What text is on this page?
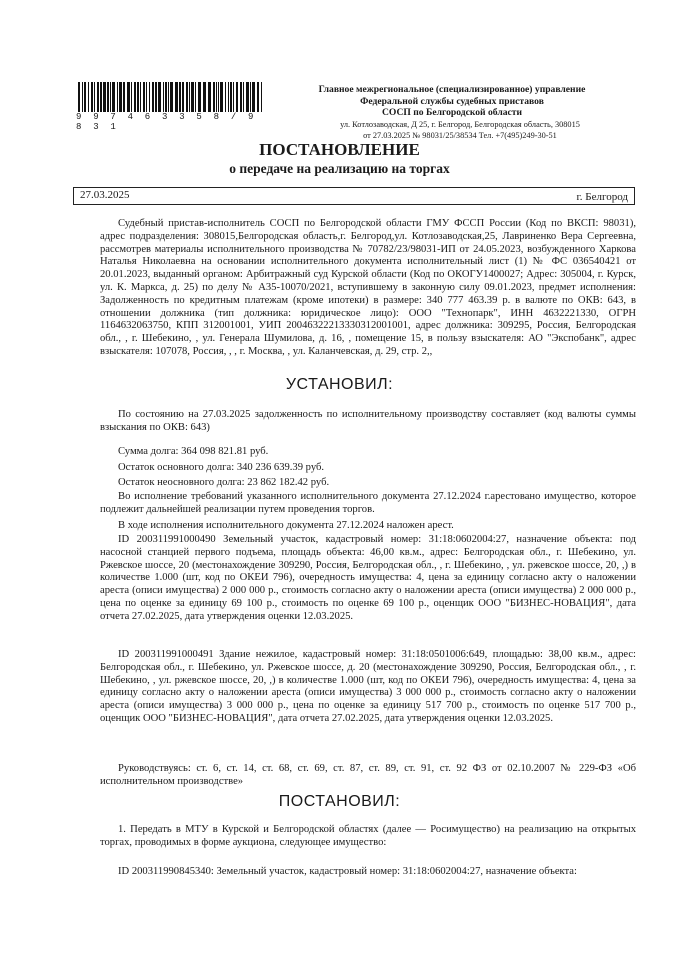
9 9 7 4 6 3 3 5 8 / 9 8 3 1
Главное межрегиональное (специализированное) управление
Федеральной службы судебных приставов
СОСП по Белгородской области
ул. Котлозаводская, Д 25, г. Белгород, Белгородская область, 308015
от 27.03.2025 № 98031/25/38534 Тел. +7(495)249-30-51
ПОСТАНОВЛЕНИЕ
о передаче на реализацию на торгах
27.03.2025	г. Белгород
Судебный пристав-исполнитель СОСП по Белгородской области ГМУ ФССП России (Код по ВКСП: 98031), адрес подразделения: 308015,Белгородская область,г. Белгород,ул. Котлозаводская,25, Лавриненко Вера Сергеевна, рассмотрев материалы исполнительного производства № 70782/23/98031-ИП от 24.05.2023, возбужденного Харкова Наталья Николаевна на основании исполнительного документа исполнительный лист (1) № ФС 036540421 от 20.01.2023, выданный органом: Арбитражный суд Курской области (Код по ОКОГУ1400027; Адрес: 305004, г. Курск, ул. К. Маркса, д. 25) по делу № А35-10070/2021, вступившему в законную силу 09.01.2023, предмет исполнения: Задолженность по кредитным платежам (кроме ипотеки) в размере: 340 777 463.39 р. в валюте по ОКВ: 643, в отношении должника (тип должника: юридическое лицо): ООО "Технопарк", ИНН 4632221330, ОГРН 1164632063750, КПП 312001001, УИП 2004632221333031200100​1, адрес должника: 309295, Россия, Белгородская обл., , г. Шебекино, , ул. Генерала Шумилова, д. 16, , помещение 15, в пользу взыскателя: АО "Экспобанк", адрес взыскателя: 107078, Россия, , , г. Москва, , ул. Каланчевская, д. 29, стр. 2,,
УСТАНОВИЛ:
По состоянию на 27.03.2025 задолженность по исполнительному производству составляет (код валюты суммы взыскания по ОКВ: 643)
Сумма долга: 364 098 821.81 руб.
Остаток основного долга: 340 236 639.39 руб.
Остаток неосновного долга: 23 862 182.42 руб.
Во исполнение требований указанного исполнительного документа 27.12.2024 г.арестовано имущество, которое подлежит дальнейшей реализации путем проведения торгов.
В ходе исполнения исполнительного документа 27.12.2024 наложен арест.
ID 200311991000490 Земельный участок, кадастровый номер: 31:18:0602004:27, назначение объекта: под насосной станцией первого подъема, площадь объекта: 46,00 кв.м., адрес: Белгородская обл., г. Шебекино, ул. Ржевское шоссе, 20 (местонахождение 309290, Россия, Белгородская обл., , г. Шебекино, , ул. ржевское шоссе, 20, ,) в количестве 1.000 (шт, код по ОКЕИ 796), очередность имущества: 4, цена за единицу согласно акту о наложении ареста (описи имущества) 2 000 000 р., стоимость согласно акту о наложении ареста (описи имущества) 2 000 000 р., цена по оценке за единицу 69 100 р., стоимость по оценке 69 100 р., оценщик ООО "БИЗНЕС-НОВАЦИЯ", дата отчета 27.02.2025, дата утверждения оценки 12.03.2025.
ID 200311991000491 Здание нежилое, кадастровый номер: 31:18:0501006:649, площадью: 38,00 кв.м., адрес: Белгородская обл., г. Шебекино, ул. Ржевское шоссе, д. 20 (местонахождение 309290, Россия, Белгородская обл., , г. Шебекино, , ул. ржевское шоссе, 20, ,) в количестве 1.000 (шт, код по ОКЕИ 796), очередность имущества: 4, цена за единицу согласно акту о наложении ареста (описи имущества) 3 000 000 р., стоимость согласно акту о наложении ареста (описи имущества) 3 000 000 р., цена по оценке за единицу 517 700 р., стоимость по оценке 517 700 р., оценщик ООО "БИЗНЕС-НОВАЦИЯ", дата отчета 27.02.2025, дата утверждения оценки 12.03.2025.
Руководствуясь: ст. 6, ст. 14, ст. 68, ст. 69, ст. 87, ст. 89, ст. 91, ст. 92 ФЗ от 02.10.2007 № 229-ФЗ «Об исполнительном производстве»
ПОСТАНОВИЛ:
1. Передать в МТУ в Курской и Белгородской областях (далее — Росимущество) на реализацию на открытых торгах, проводимых в форме аукциона, следующее имущество:
ID 200311990845340: Земельный участок, кадастровый номер: 31:18:0602004:27, назначение объекта:
